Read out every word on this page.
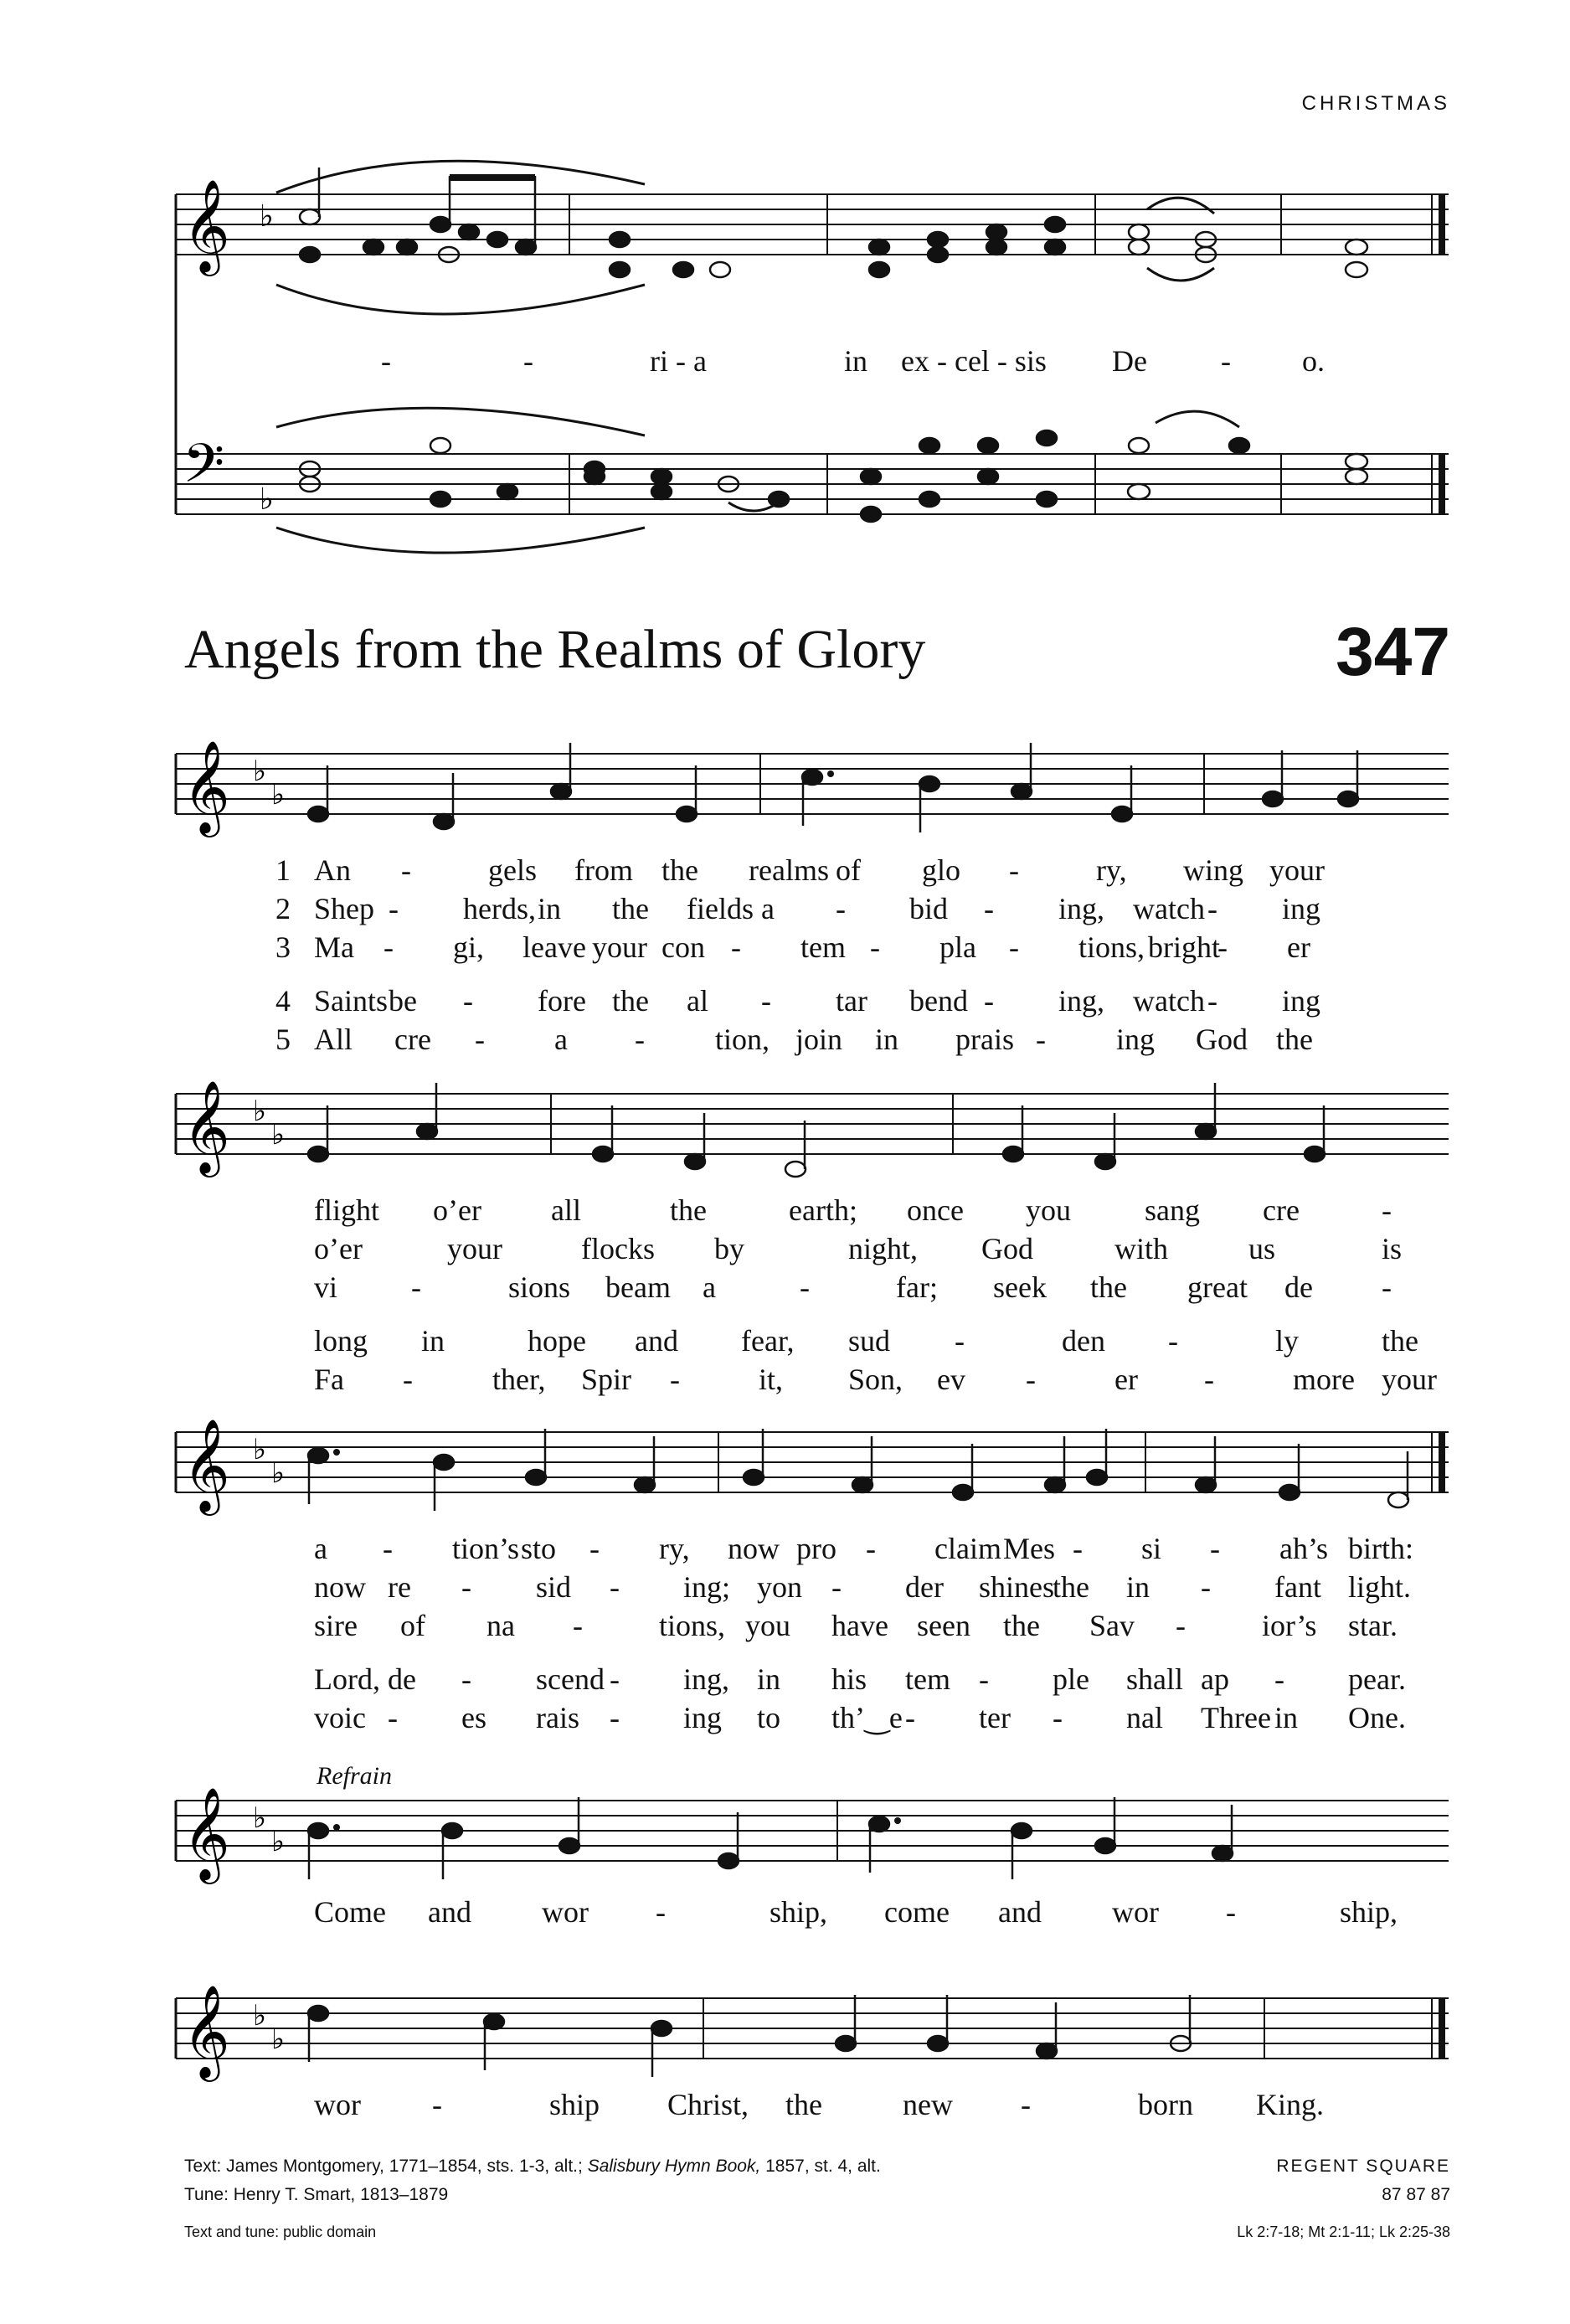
CHRISTMAS
𝄞
𝄢
♭
♭
-	-	ri - a	in ex - cel - sis De - o.
Angels from the Realms of Glory	347
𝄞 ♭
♭
𝄞 ♭
♭
𝄞 ♭
♭
𝄞 ♭
♭
𝄞 ♭
♭
Refrain
1 An -	gels from the realms of glo -	ry, wing your
2 Shep - herds, in the fields a - bid - ing, watch - ing
3 Ma - gi, leave your con - tem - pla - tions, bright
- er
4 Saints be - fore the al - tar bend - ing, watch - ing
5 All cre - a - tion, join in prais - ing God the
flight o’er all	the	earth; once you sang cre	-
o’er	your	flocks by	night, God	with	us	is
vi -	sions beam a	-	far; seek the great de -
long in	hope and fear, sud -	den -	ly	the
Fa -	ther, Spir -	it, Son, ev -	er -	more your
a - tion’s sto - ry, now pro - claim Mes - si - ah’s birth:
now re - sid - ing; yon - der shines
the in - fant light.
sire of na -	tions, you have seen the Sav -	ior’s star.
Lord, de - scend - ing, in his tem - ple shall ap - pear.
voic - es rais - ing to th’‿e - ter - nal Three in One.
Come and wor -	ship, come and wor -	ship,
wor -	ship Christ, the	new -	born King.
Text: James Montgomery, 1771–1854, sts. 1-3, alt.; Salisbury Hymn Book, 1857, st. 4, alt.
Tune: Henry T. Smart, 1813–1879
Text and tune: public domain
REGENT SQUARE
87 87 87
Lk 2:7-18; Mt 2:1-11; Lk 2:25-38
